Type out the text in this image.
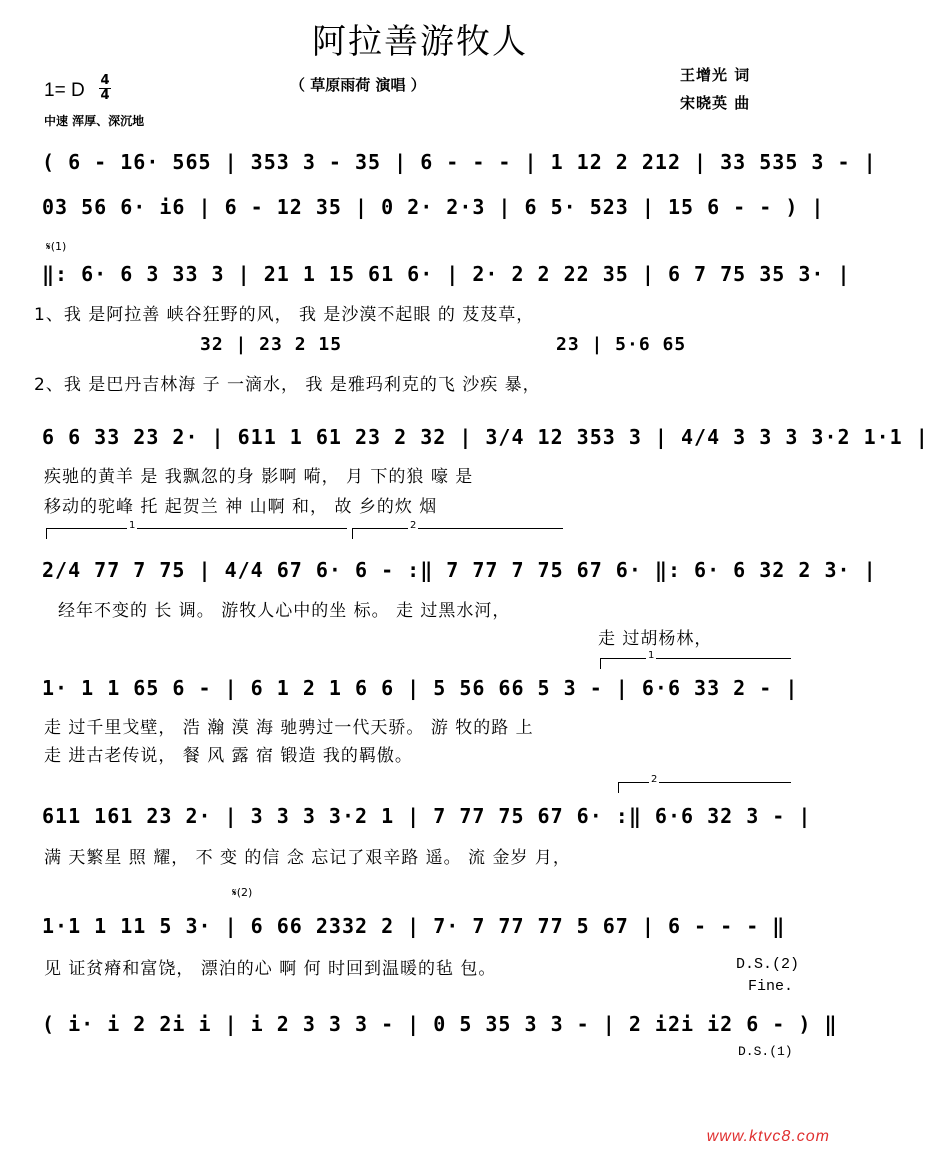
阿拉善游牧人
（ 草原雨荷 演唱 ）
王增光 词
宋晓英 曲
1= D 4
4
中速 浑厚、深沉地
( 6 - 16· 565 | 353 3 - 35 | 6 - - - | 1 12 2 212 | 33 535 3 - |
03 56 6· i6 | 6 - 12 35 | 0 2· 2·3 | 6 5· 523 | 15 6 - - ) |
𝄋(1)
‖: 6· 6 3 33 3 | 21 1 15 61 6· | 2· 2 2 22 35 | 6 7 75 35 3· |
1、我 是阿拉善 峡谷狂野的风， 我 是沙漠不起眼 的 芨芨草，
32 | 23 2 15	23 | 5·6 65
2、我 是巴丹吉林海 子 一滴水， 我 是雅玛利克的飞 沙疾 暴，
6 6 33 23 2· | 611 1 61 23 2 32 | 3/4 12 353 3 | 4/4 3 3 3 3·2 1·1 |
疾驰的黄羊 是 我飘忽的身 影啊 嗬， 月 下的狼 嚎 是
移动的驼峰 托 起贺兰 神 山啊 和， 故 乡的炊 烟
1	2
2/4 77 7 75 | 4/4 67 6· 6 - :‖ 7 77 7 75 67 6· ‖: 6· 6 32 2 3· |
经年不变的 长 调。 游牧人心中的坐 标。 走 过黑水河，
走 过胡杨林，
1
1· 1 1 65 6 - | 6 1 2 1 6 6 | 5 56 66 5 3 - | 6·6 33 2 - |
走 过千里戈壁， 浩 瀚 漠 海 驰骋过一代天骄。 游 牧的路 上
走 进古老传说， 餐 风 露 宿 锻造 我的羁傲。
2
611 161 23 2· | 3 3 3 3·2 1 | 7 77 75 67 6· :‖ 6·6 32 3 - |
满 天繁星 照 耀， 不 变 的信 念 忘记了艰辛路 遥。 流 金岁 月，
𝄋(2)
1·1 1 11 5 3· | 6 66 2332 2 | 7· 7 77 77 5 67 | 6 - - - ‖
见 证贫瘠和富饶， 漂泊的心 啊 何 时回到温暖的毡 包。	D.S.(2)
Fine.
( i· i 2 2i i | i 2 3 3 3 - | 0 5 35 3 3 - | 2 i2i i2 6 - ) ‖
D.S.(1)
www.ktvc8.com
